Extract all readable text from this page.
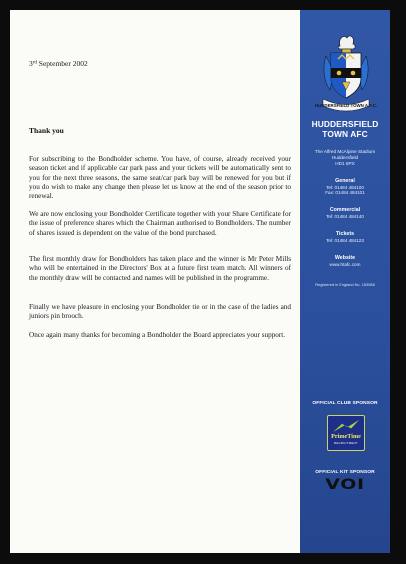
3rd September 2002
Thank you

For subscribing to the Bondholder scheme. You have, of course, already received your season ticket and if applicable car park pass and your tickets will be automatically sent to you for the next three seasons, the same seat/car park bay will be renewed for you but if you do wish to make any change then please let us know at the end of the season prior to renewal.

We are now enclosing your Bondholder Certificate together with your Share Certificate for the issue of preference shares which the Chairman authorised to Bondholders. The number of shares issued is dependent on the value of the bond purchased.

The first monthly draw for Bondholders has taken place and the winner is Mr Peter Mills who will be entertained in the Directors' Box at a future first team match. All winners of the monthly draw will be contacted and names will be published in the programme.

Finally we have pleasure in enclosing your Bondholder tie or in the case of the ladies and juniors pin brooch.

Once again many thanks for becoming a Bondholder the Board appreciates your support.

HUDDERSFIELD TOWN A.F.C.
HUDDERSFIELD
TOWN AFC
The Alfred McAlpine Stadium
Huddersfield
HD1 6PX
General
Tel: 01484 484100
Fax: 01484 484101
Commercial
Tel: 01484 484140
Tickets
Tel: 01484 484123
Website
www.htafc.com
Registered in England No. 153988
OFFICIAL CLUB SPONSOR
PrimeTime
RECRUITMENT
OFFICIAL KIT SPONSOR
VOI
